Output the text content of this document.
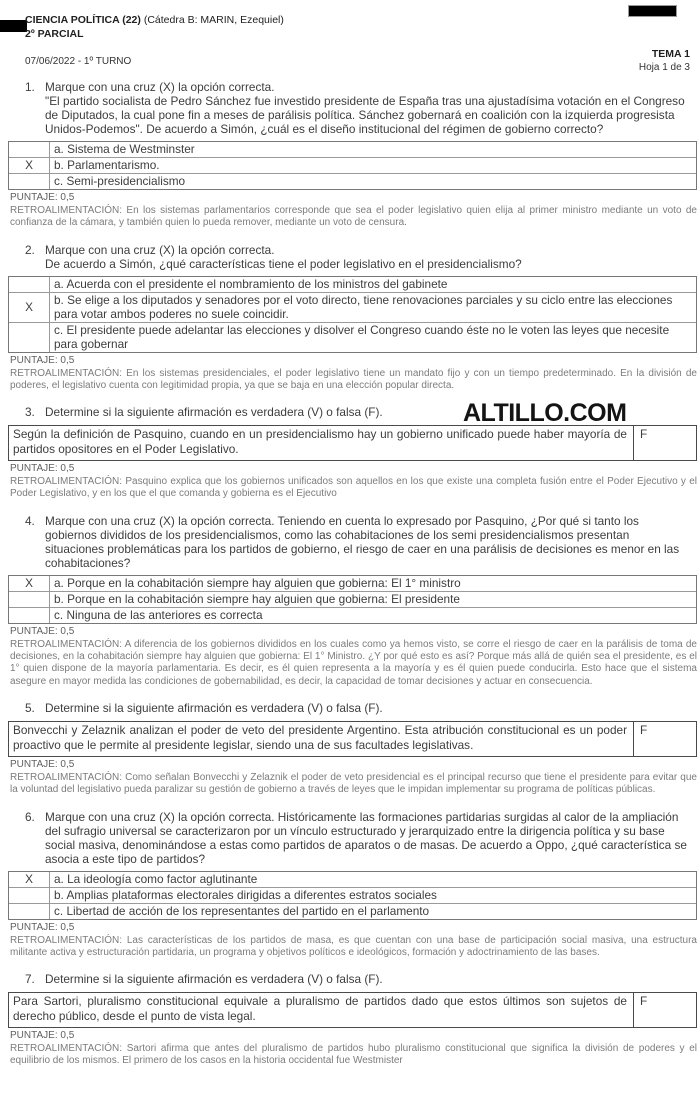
CIENCIA POLÍTICA (22) (Cátedra B: MARIN, Ezequiel)
2º PARCIAL
07/06/2022 - 1º TURNO
TEMA 1
Hoja 1 de 3
ALTILLO.COM
1. Marque con una cruz (X) la opción correcta.
"El partido socialista de Pedro Sánchez fue investido presidente de España tras una ajustadísima votación en el Congreso de Diputados, la cual pone fin a meses de parálisis política. Sánchez gobernará en coalición con la izquierda progresista Unidos-Podemos". De acuerdo a Simón, ¿cuál es el diseño institucional del régimen de gobierno correcto?
	a. Sistema de Westminster
X	b. Parlamentarismo.
	c. Semi-presidencialismo
PUNTAJE: 0,5
RETROALIMENTACIÓN: En los sistemas parlamentarios corresponde que sea el poder legislativo quien elija al primer ministro mediante un voto de confianza de la cámara, y también quien lo pueda remover, mediante un voto de censura.
2. Marque con una cruz (X) la opción correcta.
De acuerdo a Simón, ¿qué características tiene el poder legislativo en el presidencialismo?
	a. Acuerda con el presidente el nombramiento de los ministros del gabinete
X	b. Se elige a los diputados y senadores por el voto directo, tiene renovaciones parciales y su ciclo entre las elecciones para votar ambos poderes no suele coincidir.
	c. El presidente puede adelantar las elecciones y disolver el Congreso cuando éste no le voten las leyes que necesite para gobernar
PUNTAJE: 0,5
RETROALIMENTACIÓN: En los sistemas presidenciales, el poder legislativo tiene un mandato fijo y con un tiempo predeterminado. En la división de poderes, el legislativo cuenta con legitimidad propia, ya que se baja en una elección popular directa.
3. Determine si la siguiente afirmación es verdadera (V) o falsa (F).
Según la definición de Pasquino, cuando en un presidencialismo hay un gobierno unificado puede haber mayoría de partidos opositores en el Poder Legislativo.	F
PUNTAJE: 0,5
RETROALIMENTACIÓN: Pasquino explica que los gobiernos unificados son aquellos en los que existe una completa fusión entre el Poder Ejecutivo y el Poder Legislativo, y en los que el que comanda y gobierna es el Ejecutivo
4. Marque con una cruz (X) la opción correcta. Teniendo en cuenta lo expresado por Pasquino, ¿Por qué si tanto los gobiernos divididos de los presidencialismos, como las cohabitaciones de los semi presidencialismos presentan situaciones problemáticas para los partidos de gobierno, el riesgo de caer en una parálisis de decisiones es menor en las cohabitaciones?
X	a. Porque en la cohabitación siempre hay alguien que gobierna: El 1° ministro
	b. Porque en la cohabitación siempre hay alguien que gobierna: El presidente
	c. Ninguna de las anteriores es correcta
PUNTAJE: 0,5
RETROALIMENTACIÓN: A diferencia de los gobiernos divididos en los cuales como ya hemos visto, se corre el riesgo de caer en la parálisis de toma de decisiones, en la cohabitación siempre hay alguien que gobierna: El 1° Ministro. ¿Y por qué esto es así? Porque más allá de quién sea el presidente, es el 1° quien dispone de la mayoría parlamentaria. Es decir, es él quien representa a la mayoría y es él quien puede conducirla. Esto hace que el sistema asegure en mayor medida las condiciones de gobernabilidad, es decir, la capacidad de tomar decisiones y actuar en consecuencia.
5. Determine si la siguiente afirmación es verdadera (V) o falsa (F).
Bonvecchi y Zelaznik analizan el poder de veto del presidente Argentino. Esta atribución constitucional es un poder proactivo que le permite al presidente legislar, siendo una de sus facultades legislativas.	F
PUNTAJE: 0,5
RETROALIMENTACIÓN: Como señalan Bonvecchi y Zelaznik el poder de veto presidencial es el principal recurso que tiene el presidente para evitar que la voluntad del legislativo pueda paralizar su gestión de gobierno a través de leyes que le impidan implementar su programa de políticas públicas.
6. Marque con una cruz (X) la opción correcta. Históricamente las formaciones partidarias surgidas al calor de la ampliación del sufragio universal se caracterizaron por un vínculo estructurado y jerarquizado entre la dirigencia política y su base social masiva, denominándose a estas como partidos de aparatos o de masas. De acuerdo a Oppo, ¿qué característica se asocia a este tipo de partidos?
X	a. La ideología como factor aglutinante
	b. Amplias plataformas electorales dirigidas a diferentes estratos sociales
	c. Libertad de acción de los representantes del partido en el parlamento
PUNTAJE: 0,5
RETROALIMENTACIÓN: Las características de los partidos de masa, es que cuentan con una base de participación social masiva, una estructura militante activa y estructuración partidaria, un programa y objetivos políticos e ideológicos, formación y adoctrinamiento de las bases.
7. Determine si la siguiente afirmación es verdadera (V) o falsa (F).
Para Sartori, pluralismo constitucional equivale a pluralismo de partidos dado que estos últimos son sujetos de derecho público, desde el punto de vista legal.	F
PUNTAJE: 0,5
RETROALIMENTACIÓN: Sartori afirma que antes del pluralismo de partidos hubo pluralismo constitucional que significa la división de poderes y el equilibrio de los mismos. El primero de los casos en la historia occidental fue Westmister
